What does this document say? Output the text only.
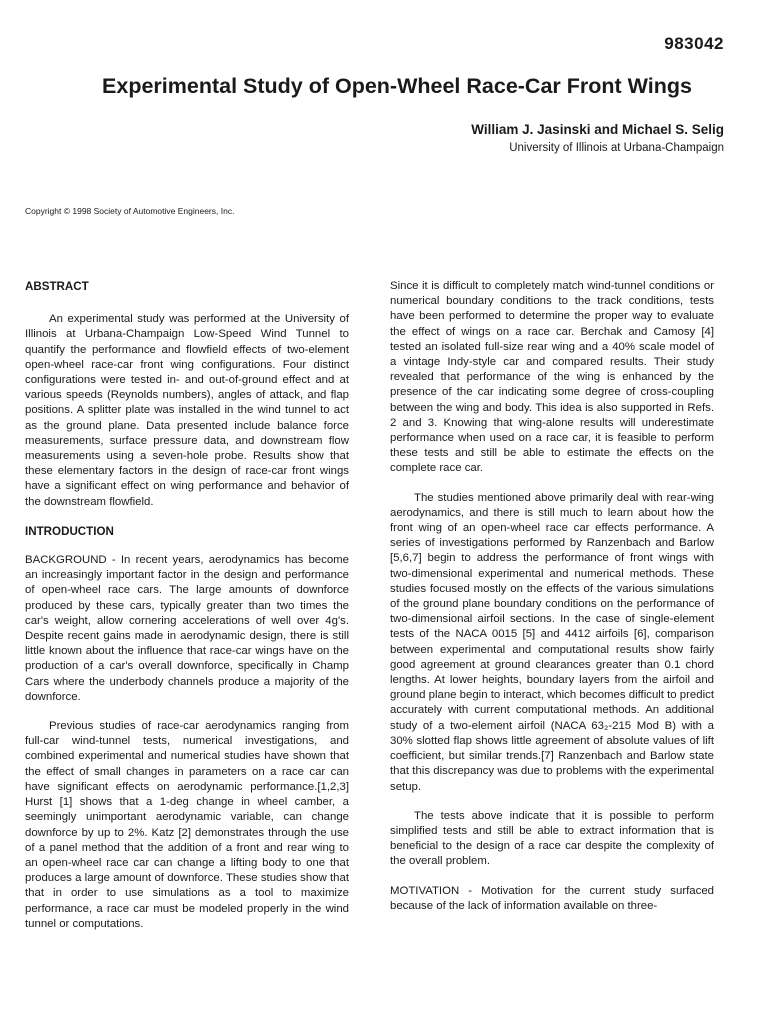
983042
Experimental Study of Open-Wheel Race-Car Front Wings
William J. Jasinski and Michael S. Selig
University of Illinois at Urbana-Champaign
Copyright © 1998 Society of Automotive Engineers, Inc.

ABSTRACT

An experimental study was performed at the University of Illinois at Urbana-Champaign Low-Speed Wind Tunnel to quantify the performance and flowfield effects of two-element open-wheel race-car front wing configurations. Four distinct configurations were tested in- and out-of-ground effect and at various speeds (Reynolds numbers), angles of attack, and flap positions. A splitter plate was installed in the wind tunnel to act as the ground plane. Data presented include balance force measurements, surface pressure data, and downstream flow measurements using a seven-hole probe. Results show that these elementary factors in the design of race-car front wings have a significant effect on wing performance and behavior of the downstream flowfield.

INTRODUCTION

BACKGROUND - In recent years, aerodynamics has become an increasingly important factor in the design and performance of open-wheel race cars. The large amounts of downforce produced by these cars, typically greater than two times the car's weight, allow cornering accelerations of well over 4g's. Despite recent gains made in aerodynamic design, there is still little known about the influence that race-car wings have on the production of a car's overall downforce, specifically in Champ Cars where the underbody channels produce a majority of the downforce.

Previous studies of race-car aerodynamics ranging from full-car wind-tunnel tests, numerical investigations, and combined experimental and numerical studies have shown that the effect of small changes in parameters on a race car can have significant effects on aerodynamic performance.[1,2,3] Hurst [1] shows that a 1-deg change in wheel camber, a seemingly unimportant aerodynamic variable, can change downforce by up to 2%. Katz [2] demonstrates through the use of a panel method that the addition of a front and rear wing to an open-wheel race car can change a lifting body to one that produces a large amount of downforce. These studies show that that in order to use simulations as a tool to maximize performance, a race car must be modeled properly in the wind tunnel or computations.

Since it is difficult to completely match wind-tunnel conditions or numerical boundary conditions to the track conditions, tests have been performed to determine the proper way to evaluate the effect of wings on a race car. Berchak and Camosy [4] tested an isolated full-size rear wing and a 40% scale model of a vintage Indy-style car and compared results. Their study revealed that performance of the wing is enhanced by the presence of the car indicating some degree of cross-coupling between the wing and body. This idea is also supported in Refs. 2 and 3. Knowing that wing-alone results will underestimate performance when used on a race car, it is feasible to perform these tests and still be able to estimate the effects on the complete race car.

The studies mentioned above primarily deal with rear-wing aerodynamics, and there is still much to learn about how the front wing of an open-wheel race car effects performance. A series of investigations performed by Ranzenbach and Barlow [5,6,7] begin to address the performance of front wings with two-dimensional experimental and numerical methods. These studies focused mostly on the effects of the various simulations of the ground plane boundary conditions on the performance of two-dimensional airfoil sections. In the case of single-element tests of the NACA 0015 [5] and 4412 airfoils [6], comparison between experimental and computational results show fairly good agreement at ground clearances greater than 0.1 chord lengths. At lower heights, boundary layers from the airfoil and ground plane begin to interact, which becomes difficult to predict accurately with current computational methods. An additional study of a two-element airfoil (NACA 63₂-215 Mod B) with a 30% slotted flap shows little agreement of absolute values of lift coefficient, but similar trends.[7] Ranzenbach and Barlow state that this discrepancy was due to problems with the experimental setup.

The tests above indicate that it is possible to perform simplified tests and still be able to extract information that is beneficial to the design of a race car despite the complexity of the overall problem.

MOTIVATION - Motivation for the current study surfaced because of the lack of information available on three-
